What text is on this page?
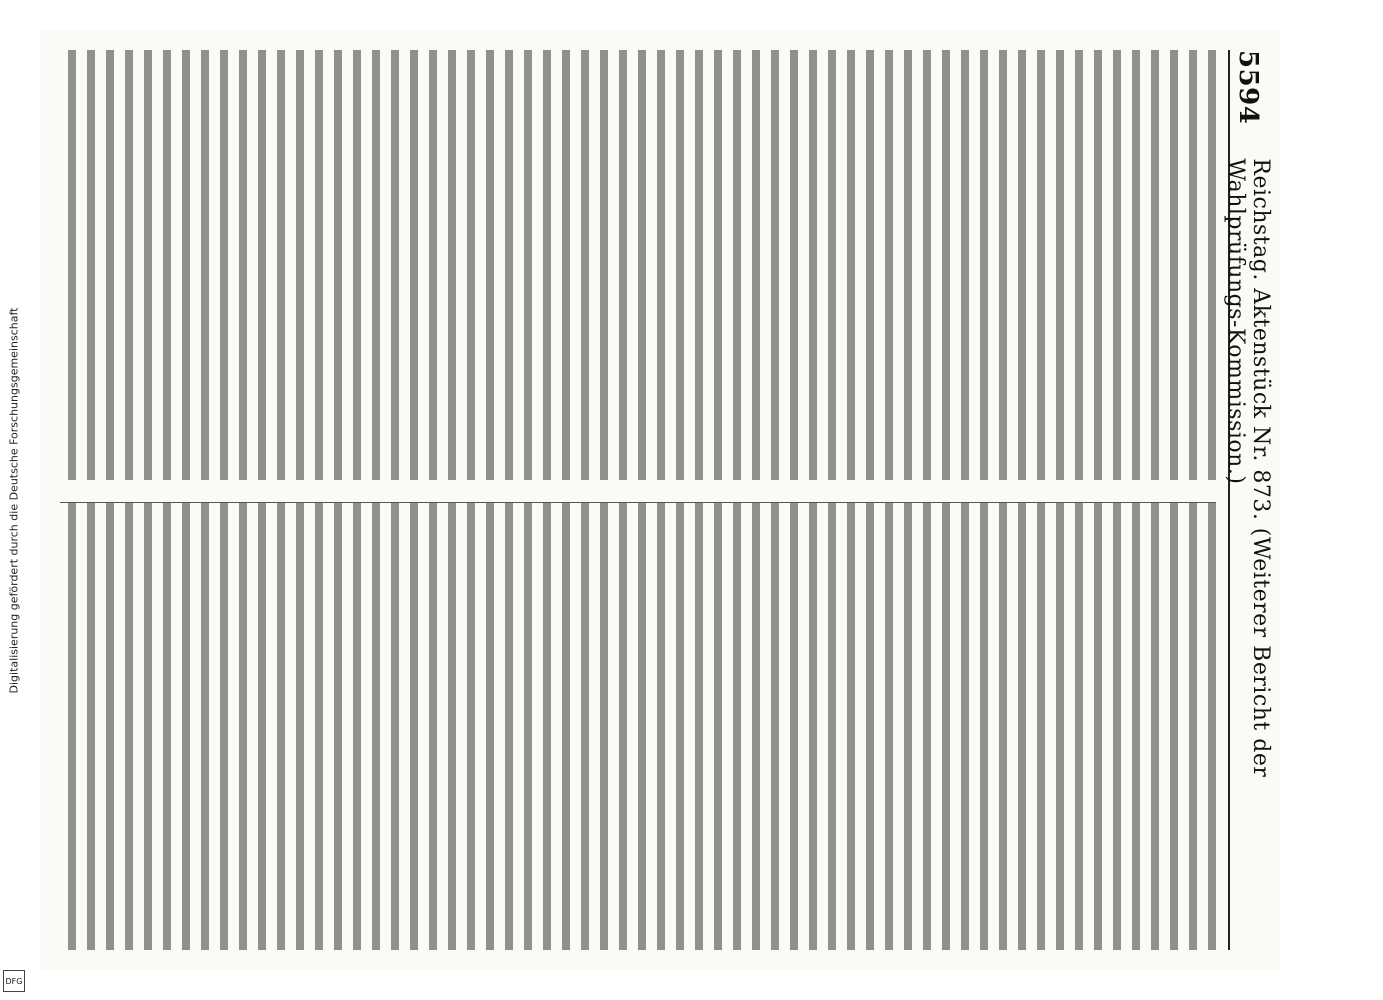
Digitalisierung gefördert durch die Deutsche Forschungsgemeinschaft
DFG
5594
Reichstag. Aktenstück Nr. 873. (Weiterer Bericht der Wahlprüfungs-Kommission.)
